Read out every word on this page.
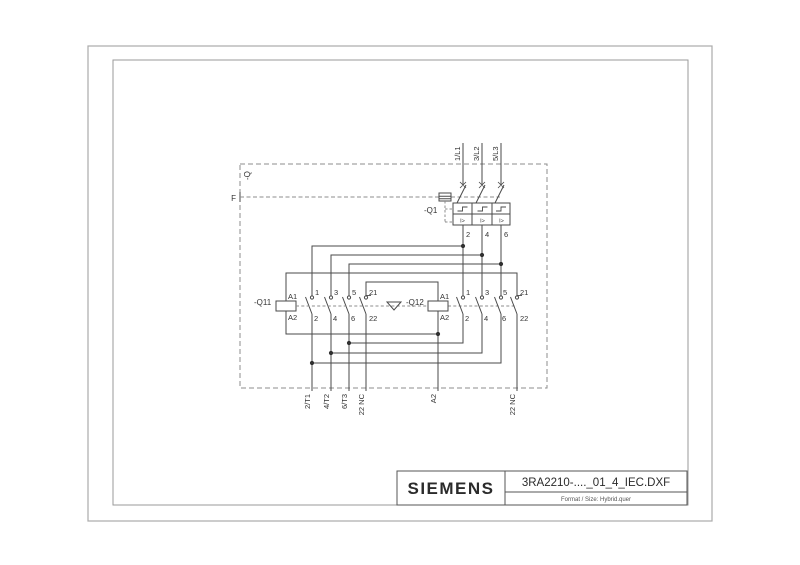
-Q
F
1/L1 3/L2 5/L3
-Q1
I>	I>	I>
2 4 6
-Q11
A1
A2
1 3 5 21
2 4 6 22
-Q12
A1
A2
1 3 5 21
2 4 6 22
2/T1 4/T2 6/T3 22 NC	A2	22 NC
SIEMENS 3RA2210-...._01_4_IEC.DXF
Format / Size: Hybrid.quer
